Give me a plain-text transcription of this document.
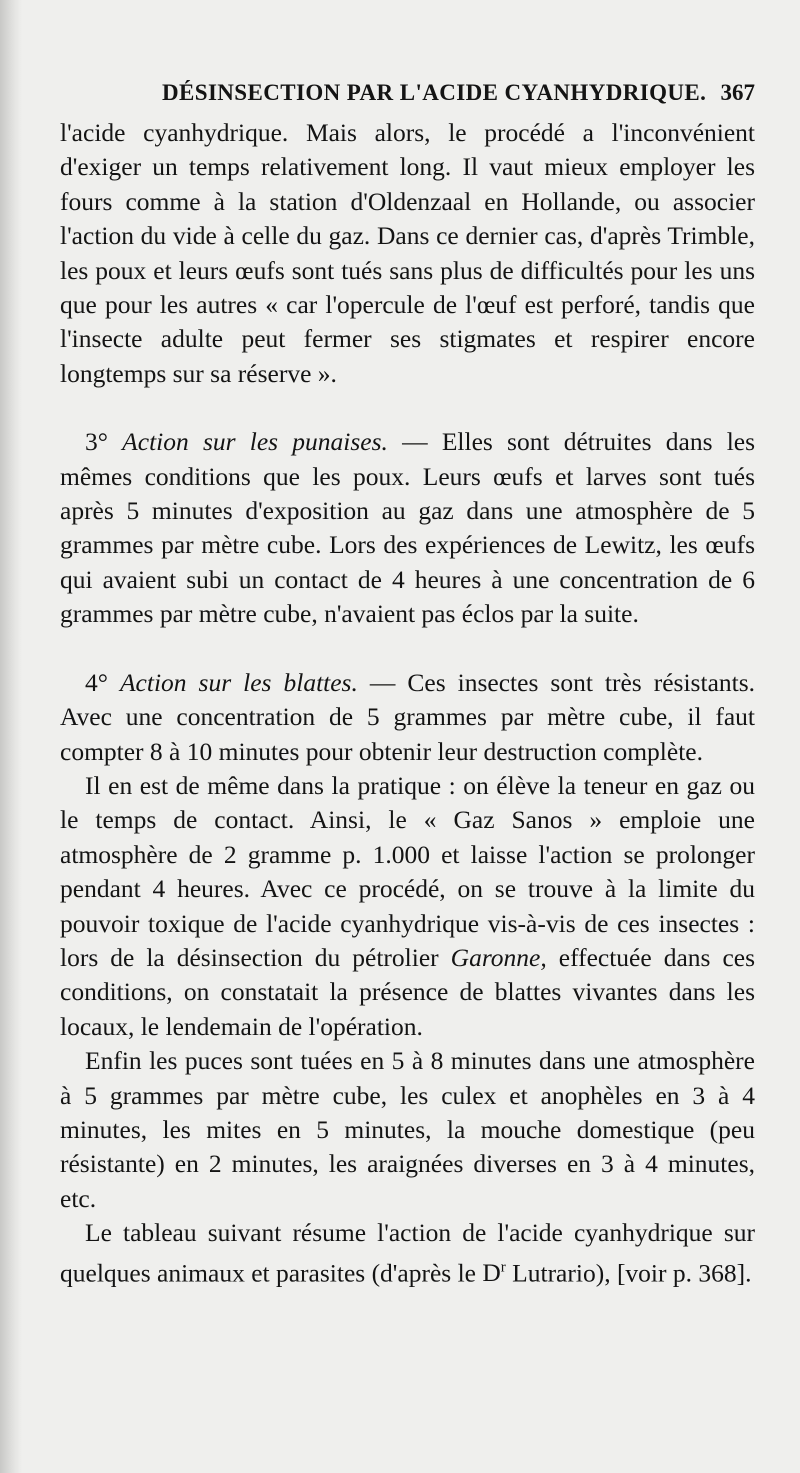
DÉSINSECTION PAR L'ACIDE CYANHYDRIQUE. 367

l'acide cyanhydrique. Mais alors, le procédé a l'inconvénient d'exiger un temps relativement long. Il vaut mieux employer les fours comme à la station d'Oldenzaal en Hollande, ou associer l'action du vide à celle du gaz. Dans ce dernier cas, d'après Trimble, les poux et leurs œufs sont tués sans plus de difficultés pour les uns que pour les autres « car l'opercule de l'œuf est perforé, tandis que l'insecte adulte peut fermer ses stigmates et respirer encore longtemps sur sa réserve ».

3° Action sur les punaises. — Elles sont détruites dans les mêmes conditions que les poux. Leurs œufs et larves sont tués après 5 minutes d'exposition au gaz dans une atmosphère de 5 grammes par mètre cube. Lors des expériences de Lewitz, les œufs qui avaient subi un contact de 4 heures à une concentration de 6 grammes par mètre cube, n'avaient pas éclos par la suite.

4° Action sur les blattes. — Ces insectes sont très résistants. Avec une concentration de 5 grammes par mètre cube, il faut compter 8 à 10 minutes pour obtenir leur destruction complète.

Il en est de même dans la pratique : on élève la teneur en gaz ou le temps de contact. Ainsi, le « Gaz Sanos » emploie une atmosphère de 2 gramme p. 1.000 et laisse l'action se prolonger pendant 4 heures. Avec ce procédé, on se trouve à la limite du pouvoir toxique de l'acide cyanhydrique vis-à-vis de ces insectes : lors de la désinsection du pétrolier Garonne, effectuée dans ces conditions, on constatait la présence de blattes vivantes dans les locaux, le lendemain de l'opération.

Enfin les puces sont tuées en 5 à 8 minutes dans une atmosphère à 5 grammes par mètre cube, les culex et anophèles en 3 à 4 minutes, les mites en 5 minutes, la mouche domestique (peu résistante) en 2 minutes, les araignées diverses en 3 à 4 minutes, etc.

Le tableau suivant résume l'action de l'acide cyanhydrique sur quelques animaux et parasites (d'après le $D^r$ Lutrario), [voir p. 368].
